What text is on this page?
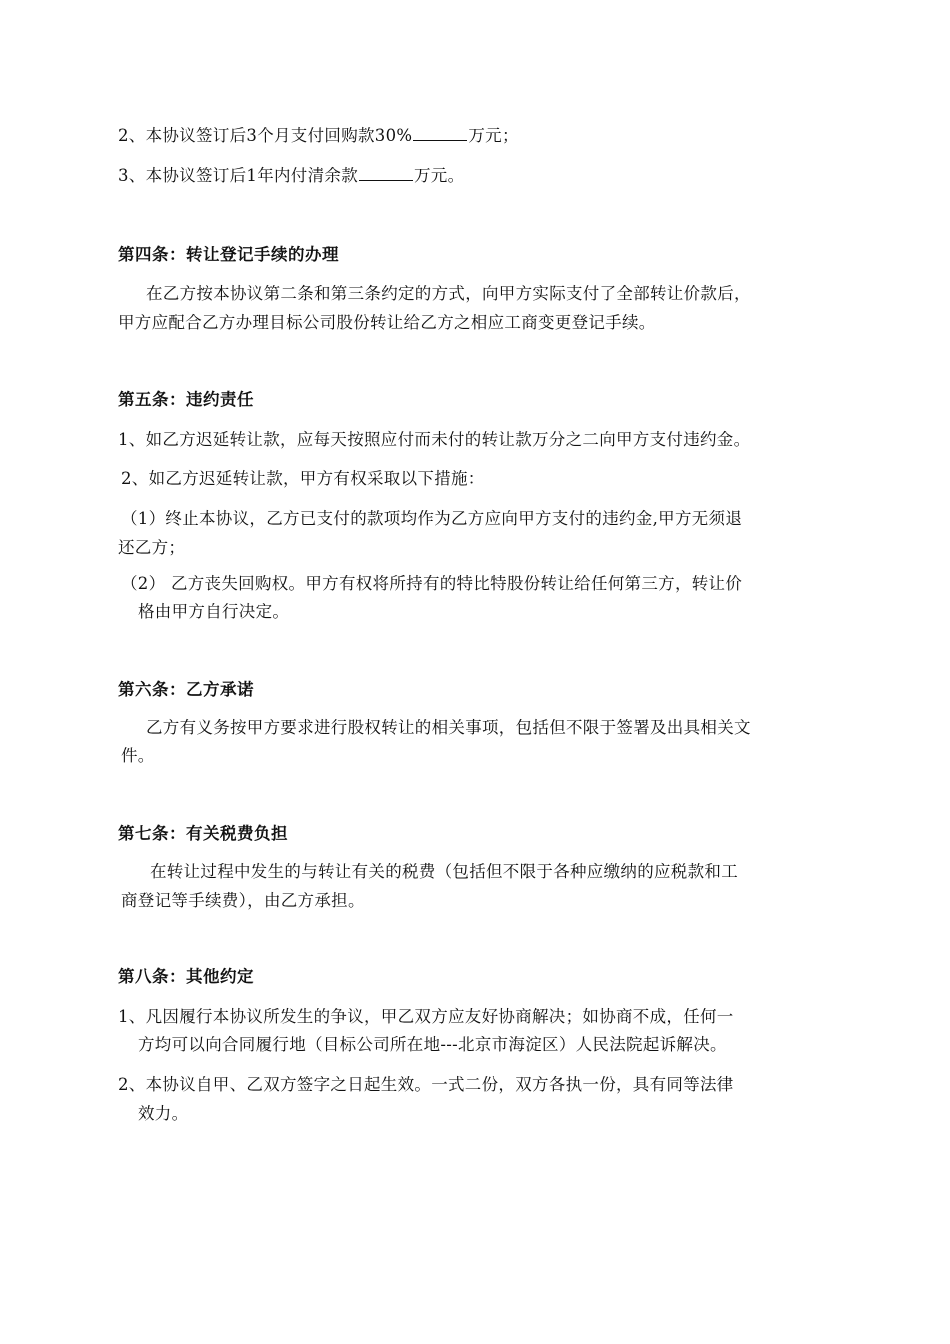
2、本协议签订后3个月支付回购款30%	万元；
3、本协议签订后1年内付清余款	万元。
第四条：转让登记手续的办理
在乙方按本协议第二条和第三条约定的方式，向甲方实际支付了全部转让价款后，
甲方应配合乙方办理目标公司股份转让给乙方之相应工商变更登记手续。
第五条：违约责任
1、如乙方迟延转让款，应每天按照应付而未付的转让款万分之二向甲方支付违约金。
2、如乙方迟延转让款，甲方有权采取以下措施：
（1）终止本协议，乙方已支付的款项均作为乙方应向甲方支付的违约金,甲方无须退
还乙方；
（2） 乙方丧失回购权。甲方有权将所持有的特比特股份转让给任何第三方，转让价
格由甲方自行决定。
第六条：乙方承诺
乙方有义务按甲方要求进行股权转让的相关事项，包括但不限于签署及出具相关文
件。
第七条：有关税费负担
在转让过程中发生的与转让有关的税费（包括但不限于各种应缴纳的应税款和工
商登记等手续费），由乙方承担。
第八条：其他约定
1、凡因履行本协议所发生的争议，甲乙双方应友好协商解决；如协商不成，任何一
方均可以向合同履行地（目标公司所在地---北京市海淀区）人民法院起诉解决。
2、本协议自甲、乙双方签字之日起生效。一式二份，双方各执一份，具有同等法律
效力。
